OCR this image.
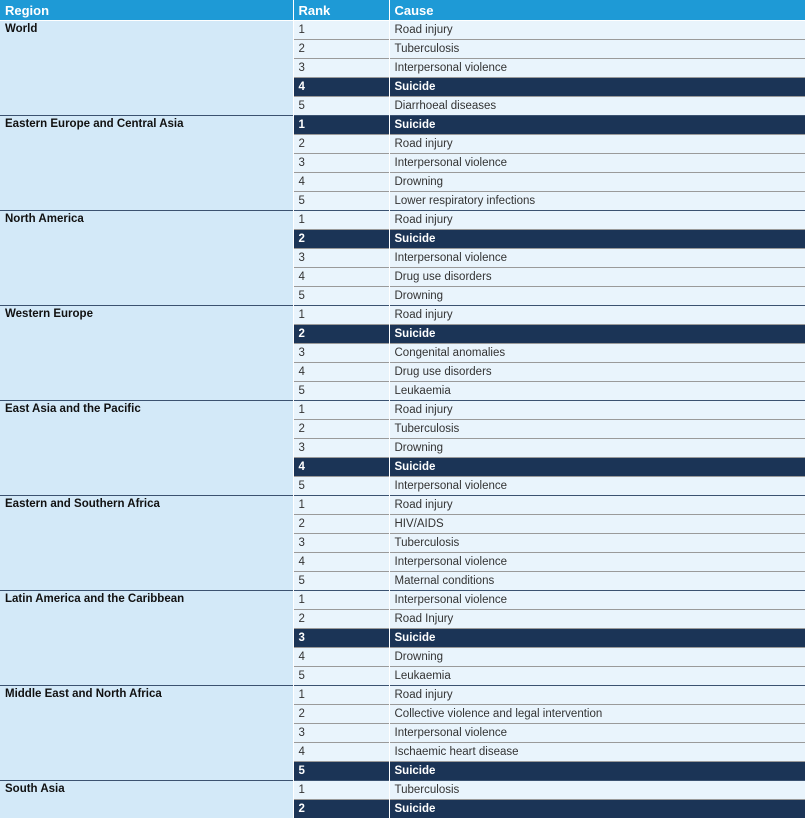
Region	Rank	Cause
World	1	Road injury
	2	Tuberculosis
	3	Interpersonal violence
	4	Suicide
	5	Diarrhoeal diseases
Eastern Europe and Central Asia	1	Suicide
	2	Road injury
	3	Interpersonal violence
	4	Drowning
	5	Lower respiratory infections
North America	1	Road injury
	2	Suicide
	3	Interpersonal violence
	4	Drug use disorders
	5	Drowning
Western Europe	1	Road injury
	2	Suicide
	3	Congenital anomalies
	4	Drug use disorders
	5	Leukaemia
East Asia and the Pacific	1	Road injury
	2	Tuberculosis
	3	Drowning
	4	Suicide
	5	Interpersonal violence
Eastern and Southern Africa	1	Road injury
	2	HIV/AIDS
	3	Tuberculosis
	4	Interpersonal violence
	5	Maternal conditions
Latin America and the Caribbean	1	Interpersonal violence
	2	Road Injury
	3	Suicide
	4	Drowning
	5	Leukaemia
Middle East and North Africa	1	Road injury
	2	Collective violence and legal intervention
	3	Interpersonal violence
	4	Ischaemic heart disease
	5	Suicide
South Asia	1	Tuberculosis
	2	Suicide
